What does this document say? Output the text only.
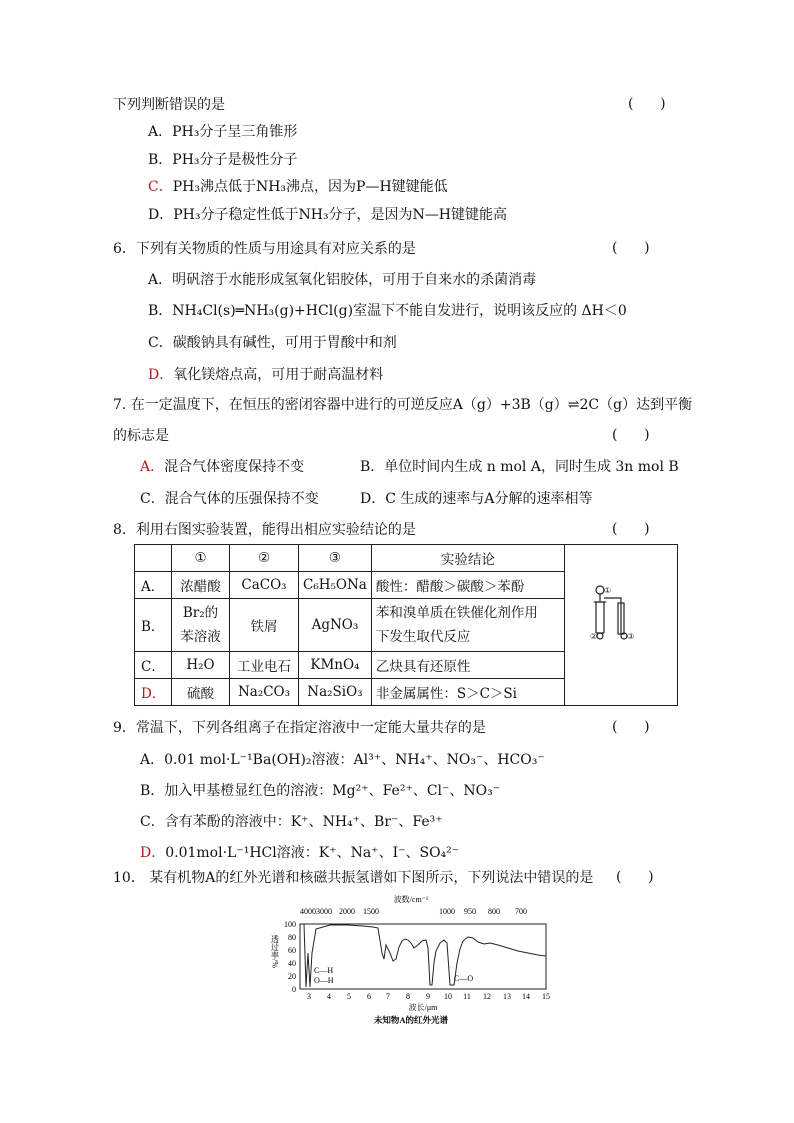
下列判断错误的是	(      )
A．PH₃分子呈三角锥形
B．PH₃分子是极性分子
C．PH₃沸点低于NH₃沸点，因为P—H键键能低
D．PH₃分子稳定性低于NH₃分子，是因为N—H键键能高
6．下列有关物质的性质与用途具有对应关系的是	(      )
A．明矾溶于水能形成氢氧化铝胶体，可用于自来水的杀菌消毒
B．NH₄Cl(s)═NH₃(g)+HCl(g)室温下不能自发进行，说明该反应的 ΔH＜0
C．碳酸钠具有碱性，可用于胃酸中和剂
D．氧化镁熔点高，可用于耐高温材料
7. 在一定温度下，在恒压的密闭容器中进行的可逆反应A（g）+3B（g）⇌2C（g）达到平衡
的标志是	(      )
A．混合气体密度保持不变	B．单位时间内生成 n mol A，同时生成 3n mol B
C．混合气体的压强保持不变	D．C 生成的速率与A分解的速率相等
8．利用右图实验装置，能得出相应实验结论的是	(      )
	①	②	③	实验结论	①
② ③

A．	浓醋酸	CaCO₃	C₆H₅ONa	酸性：醋酸＞碳酸＞苯酚	
B．	Br₂的
苯溶液	铁屑	AgNO₃	苯和溴单质在铁催化剂作用
下发生取代反应	
C．	H₂O	工业电石	KMnO₄	乙炔具有还原性	
D．	硫酸	Na₂CO₃	Na₂SiO₃	非金属属性：S＞C＞Si	
9．常温下，下列各组离子在指定溶液中一定能大量共存的是	(      )
A．0.01 mol·L⁻¹Ba(OH)₂溶液：Al³⁺、NH₄⁺、NO₃⁻、HCO₃⁻
B．加入甲基橙显红色的溶液：Mg²⁺、Fe²⁺、Cl⁻、NO₃⁻
C．含有苯酚的溶液中：K⁺、NH₄⁺、Br⁻、Fe³⁺
D．0.01mol·L⁻¹HCl溶液：K⁺、Na⁺、I⁻、SO₄²⁻
10． 某有机物A的红外光谱和核磁共振氢谱如下图所示，下列说法中错误的是 (      )
波数/cm⁻¹
4000 3000 2000 1500	1000 950 800 700
100
80
60
40
20
0
透过率/%
C—H
O—H	C—O
3 4 5 6 7 8 9 10 11 12 13 14 15
波长/μm
未知物A的红外光谱
